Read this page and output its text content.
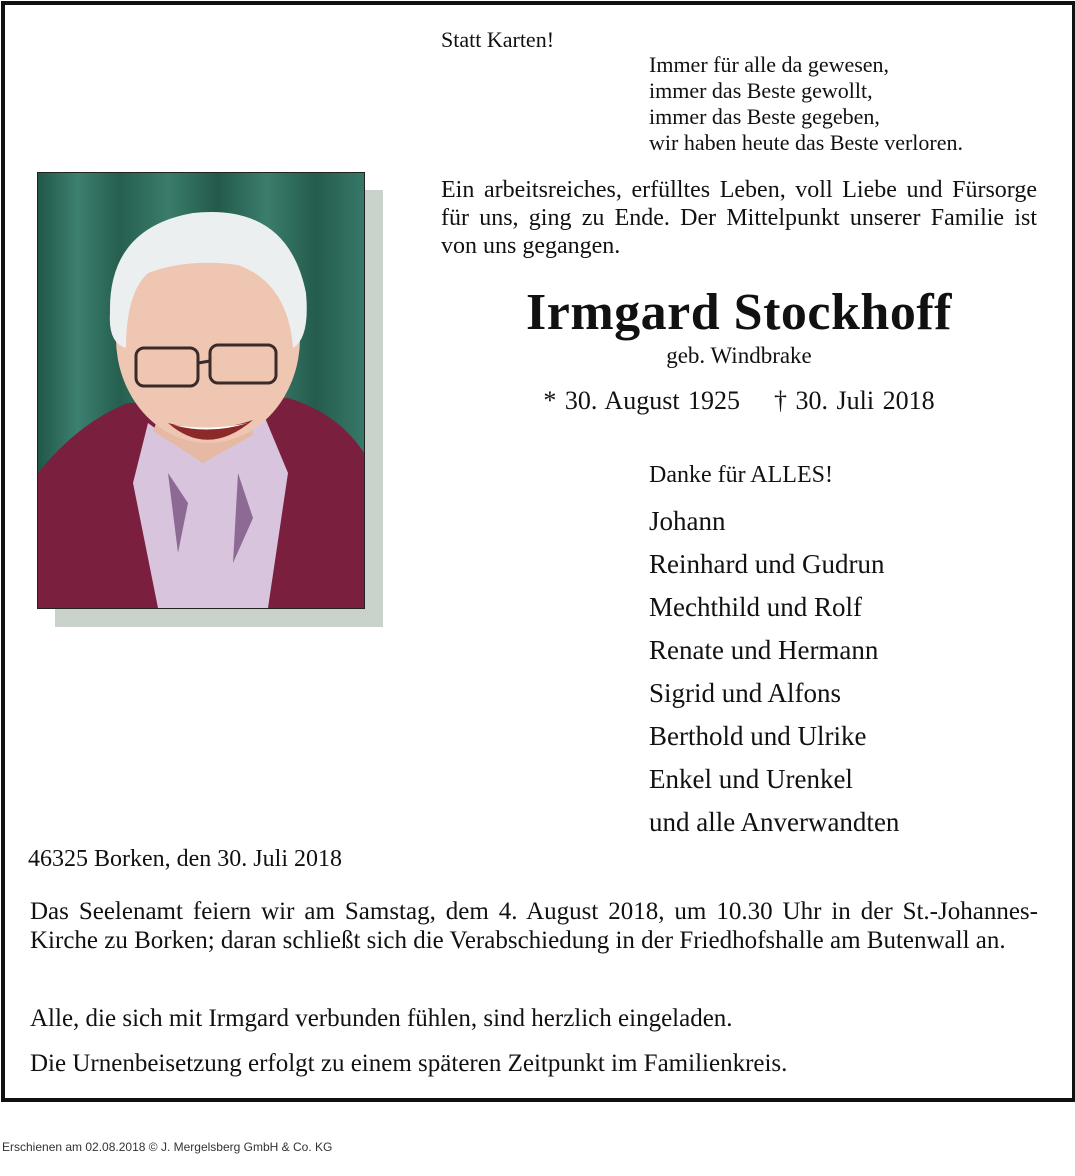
Statt Karten!
Immer für alle da gewesen,
immer das Beste gewollt,
immer das Beste gegeben,
wir haben heute das Beste verloren.
Ein arbeitsreiches, erfülltes Leben, voll Liebe und Fürsorge für uns, ging zu Ende. Der Mittelpunkt unserer Familie ist von uns gegangen.
Irmgard Stockhoff
geb. Windbrake
* 30. August 1925 † 30. Juli 2018
Danke für ALLES!
Johann
Reinhard und Gudrun
Mechthild und Rolf
Renate und Hermann
Sigrid und Alfons
Berthold und Ulrike
Enkel und Urenkel
und alle Anverwandten
46325 Borken, den 30. Juli 2018
Das Seelenamt feiern wir am Samstag, dem 4. August 2018, um 10.30 Uhr in der St.-Johannes-Kirche zu Borken; daran schließt sich die Verabschiedung in der Friedhofshalle am Butenwall an.
Alle, die sich mit Irmgard verbunden fühlen, sind herzlich eingeladen.
Die Urnenbeisetzung erfolgt zu einem späteren Zeitpunkt im Familienkreis.
Erschienen am 02.08.2018 © J. Mergelsberg GmbH & Co. KG
